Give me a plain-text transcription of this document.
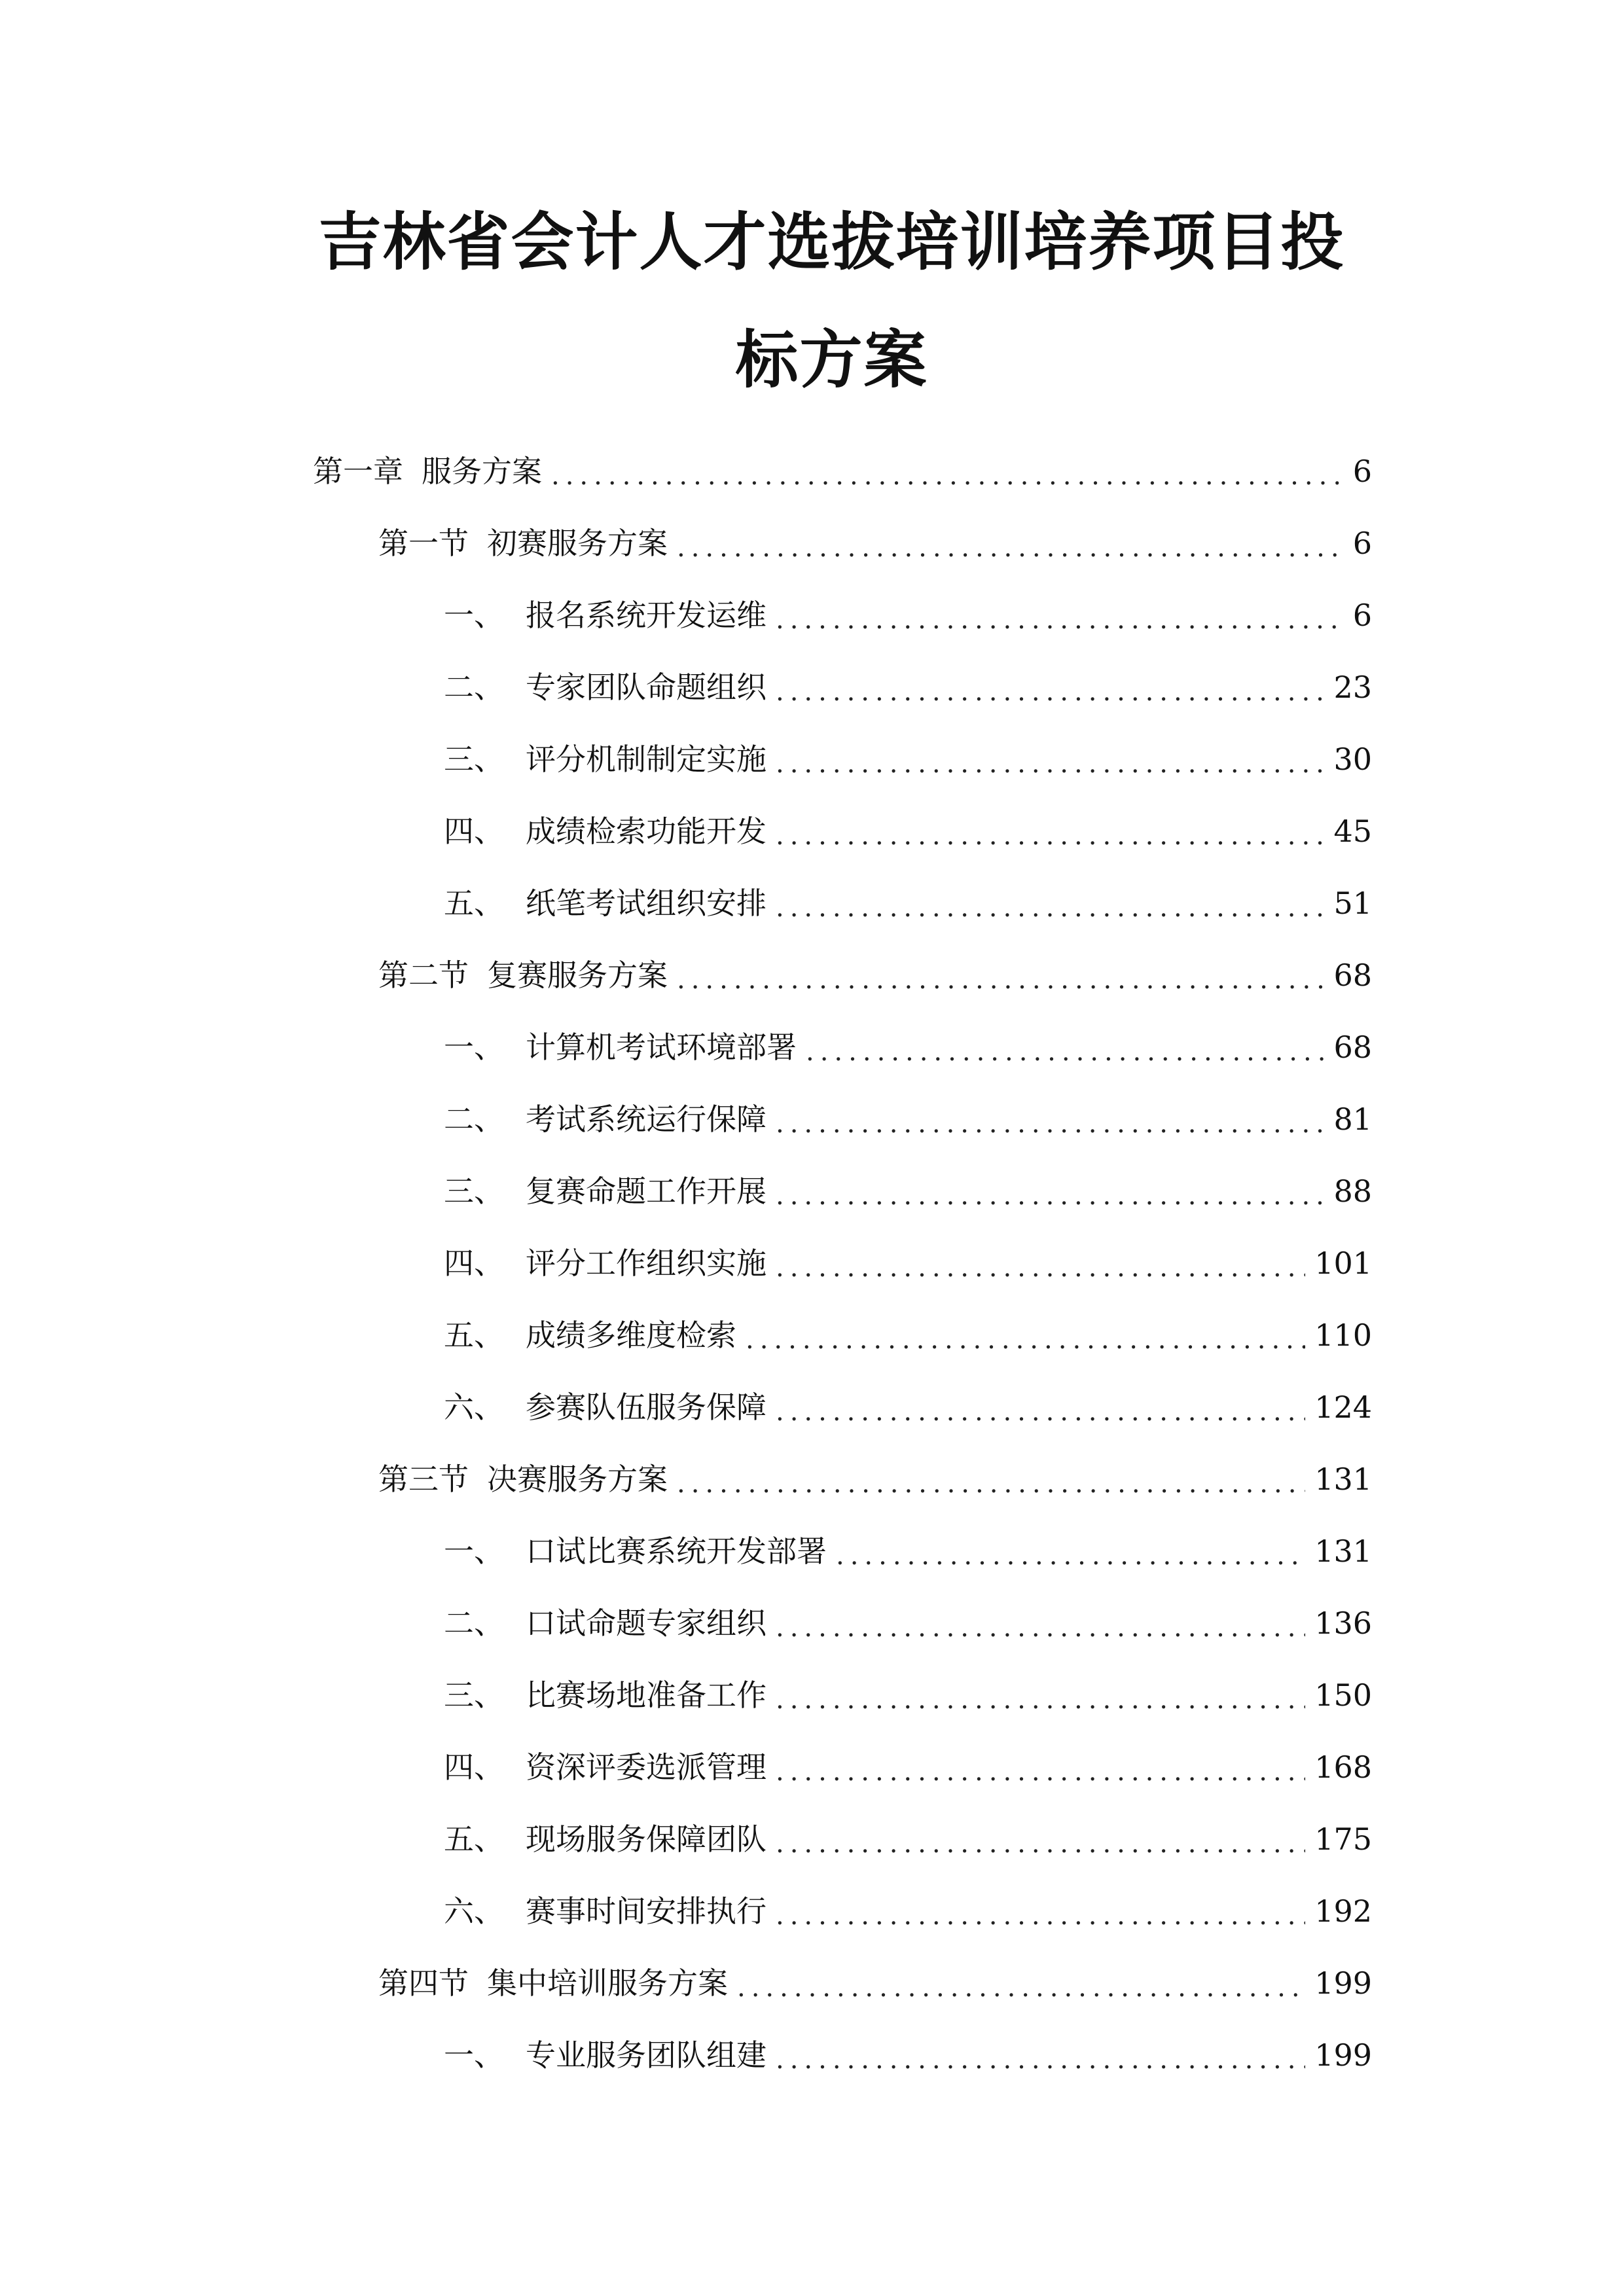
吉林省会计人才选拔培训培养项目投
标方案
第一章 服务方案 .....	6
第一节 初赛服务方案 .....	6
一、 报名系统开发运维 .....	6
二、 专家团队命题组织 .....	23
三、 评分机制制定实施 .....	30
四、 成绩检索功能开发 .....	45
五、 纸笔考试组织安排 .....	51
第二节 复赛服务方案 .....	68
一、 计算机考试环境部署 .....	68
二、 考试系统运行保障 .....	81
三、 复赛命题工作开展 .....	88
四、 评分工作组织实施 .....	101
五、 成绩多维度检索 .....	110
六、 参赛队伍服务保障 .....	124
第三节 决赛服务方案 .....	131
一、 口试比赛系统开发部署 .....	131
二、 口试命题专家组织 .....	136
三、 比赛场地准备工作 .....	150
四、 资深评委选派管理 .....	168
五、 现场服务保障团队 .....	175
六、 赛事时间安排执行 .....	192
第四节 集中培训服务方案 .....	199
一、 专业服务团队组建 .....	199
